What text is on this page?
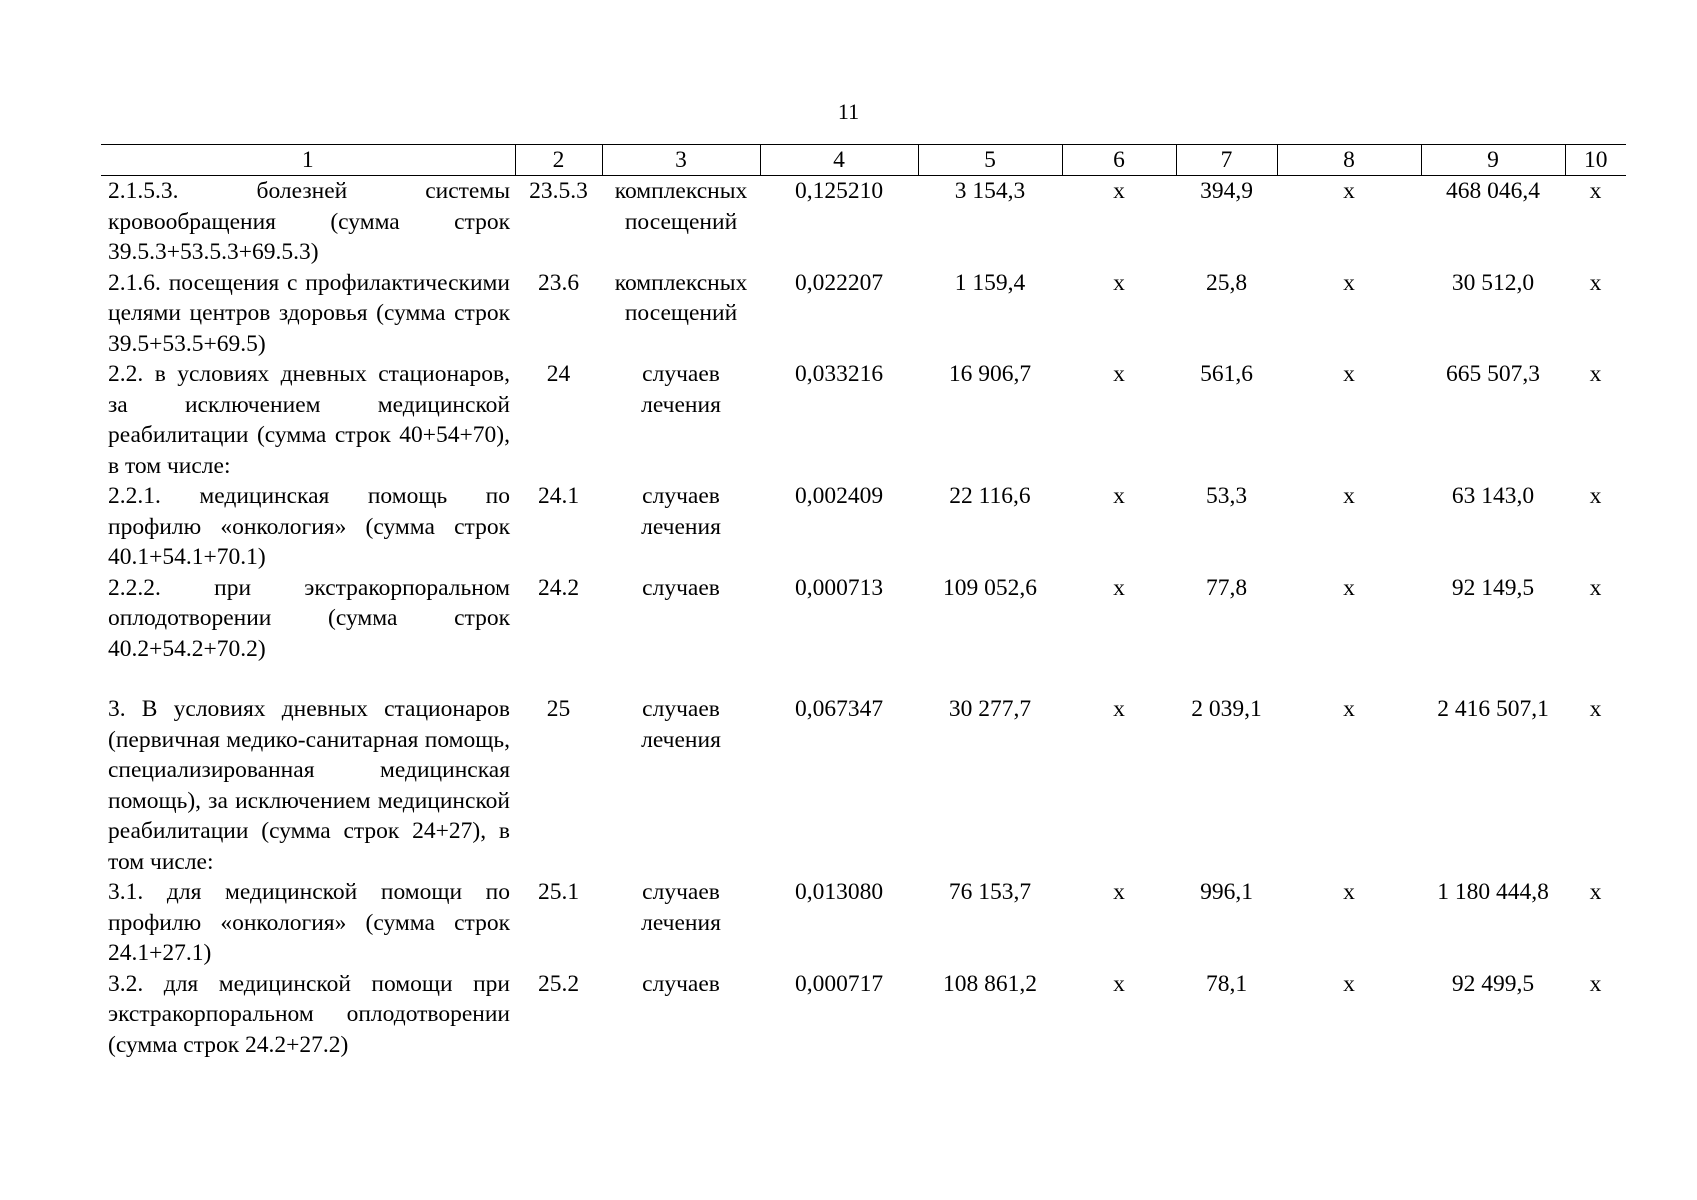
11
1	2	3	4	5	6	7	8	9	10
2.1.5.3. болезней системы кровообращения (сумма строк 39.5.3+53.5.3+69.5.3)	23.5.3	комплексных посещений	0,125210	3 154,3	х	394,9	х	468 046,4	х
2.1.6. посещения с профилактическими целями центров здоровья (сумма строк 39.5+53.5+69.5)	23.6	комплексных посещений	0,022207	1 159,4	х	25,8	х	30 512,0	х
2.2. в условиях дневных стационаров, за исключением медицинской реабилитации (сумма строк 40+54+70), в том числе:	24	случаев лечения	0,033216	16 906,7	х	561,6	х	665 507,3	х
2.2.1. медицинская помощь по профилю «онкология» (сумма строк 40.1+54.1+70.1)	24.1	случаев лечения	0,002409	22 116,6	х	53,3	х	63 143,0	х
2.2.2. при экстракорпоральном оплодотворении (сумма строк 40.2+54.2+70.2)	24.2	случаев	0,000713	109 052,6	х	77,8	х	92 149,5	х

3. В условиях дневных стационаров (первичная медико-санитарная помощь, специализированная медицинская помощь), за исключением медицинской реабилитации (сумма строк 24+27), в том числе:	25	случаев лечения	0,067347	30 277,7	х	2 039,1	х	2 416 507,1	х
3.1. для медицинской помощи по профилю «онкология» (сумма строк 24.1+27.1)	25.1	случаев лечения	0,013080	76 153,7	х	996,1	х	1 180 444,8	х
3.2. для медицинской помощи при экстракорпоральном оплодотворении (сумма строк 24.2+27.2)	25.2	случаев	0,000717	108 861,2	х	78,1	х	92 499,5	х
